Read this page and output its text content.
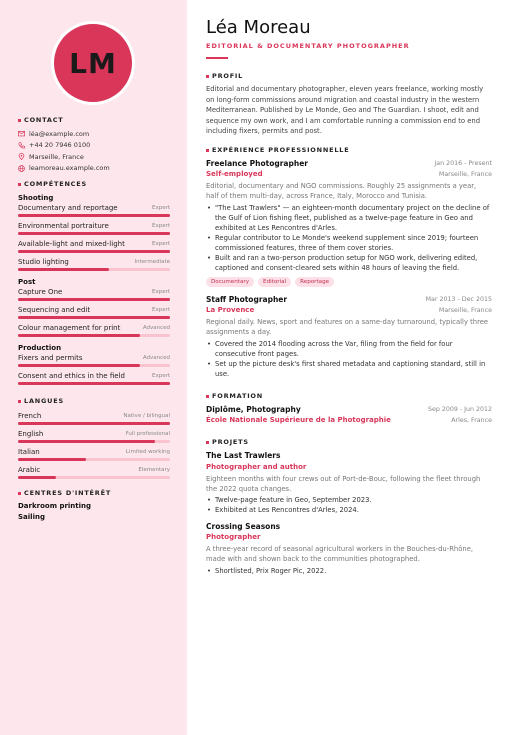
LM
CONTACT
léa@example.com
+44 20 7946 0100
Marseille, France
leamoreau.example.com
COMPÉTENCES
Shooting
Documentary and reportage	Expert
Environmental portraiture	Expert
Available-light and mixed-light	Expert
Studio lighting	Intermediate
Post
Capture One	Expert
Sequencing and edit	Expert
Colour management for print	Advanced
Production
Fixers and permits	Advanced
Consent and ethics in the field	Expert
LANGUES
French	Native / bilingual
English	Full professional
Italian	Limited working
Arabic	Elementary
CENTRES D'INTÉRÊT
Darkroom printing
Sailing
Léa Moreau
EDITORIAL & DOCUMENTARY PHOTOGRAPHER
PROFIL
Editorial and documentary photographer, eleven years freelance, working mostly on long-form commissions around migration and coastal industry in the western Mediterranean. Published by Le Monde, Geo and The Guardian. I shoot, edit and sequence my own work, and I am comfortable running a commission end to end including fixers, permits and post.
EXPÉRIENCE PROFESSIONNELLE
Freelance Photographer	Jan 2016 - Present
Self-employed	Marseille, France
Editorial, documentary and NGO commissions. Roughly 25 assignments a year, half of them multi-day, across France, Italy, Morocco and Tunisia.
• "The Last Trawlers" — an eighteen-month documentary project on the decline of the Gulf of Lion fishing fleet, published as a twelve-page feature in Geo and exhibited at Les Rencontres d'Arles.
• Regular contributor to Le Monde's weekend supplement since 2019; fourteen commissioned features, three of them cover stories.
• Built and ran a two-person production setup for NGO work, delivering edited, captioned and consent-cleared sets within 48 hours of leaving the field.
Documentary	Editorial	Reportage
Staff Photographer	Mar 2013 - Dec 2015
La Provence	Marseille, France
Regional daily. News, sport and features on a same-day turnaround, typically three assignments a day.
• Covered the 2014 flooding across the Var, filing from the field for four consecutive front pages.
• Set up the picture desk's first shared metadata and captioning standard, still in use.
FORMATION
Diplôme, Photography	Sep 2009 - Jun 2012
École Nationale Supérieure de la Photographie	Arles, France
PROJETS
The Last Trawlers
Photographer and author
Eighteen months with four crews out of Port-de-Bouc, following the fleet through the 2022 quota changes.
• Twelve-page feature in Geo, September 2023.
• Exhibited at Les Rencontres d'Arles, 2024.
Crossing Seasons
Photographer
A three-year record of seasonal agricultural workers in the Bouches-du-Rhône, made with and shown back to the communities photographed.
• Shortlisted, Prix Roger Pic, 2022.
